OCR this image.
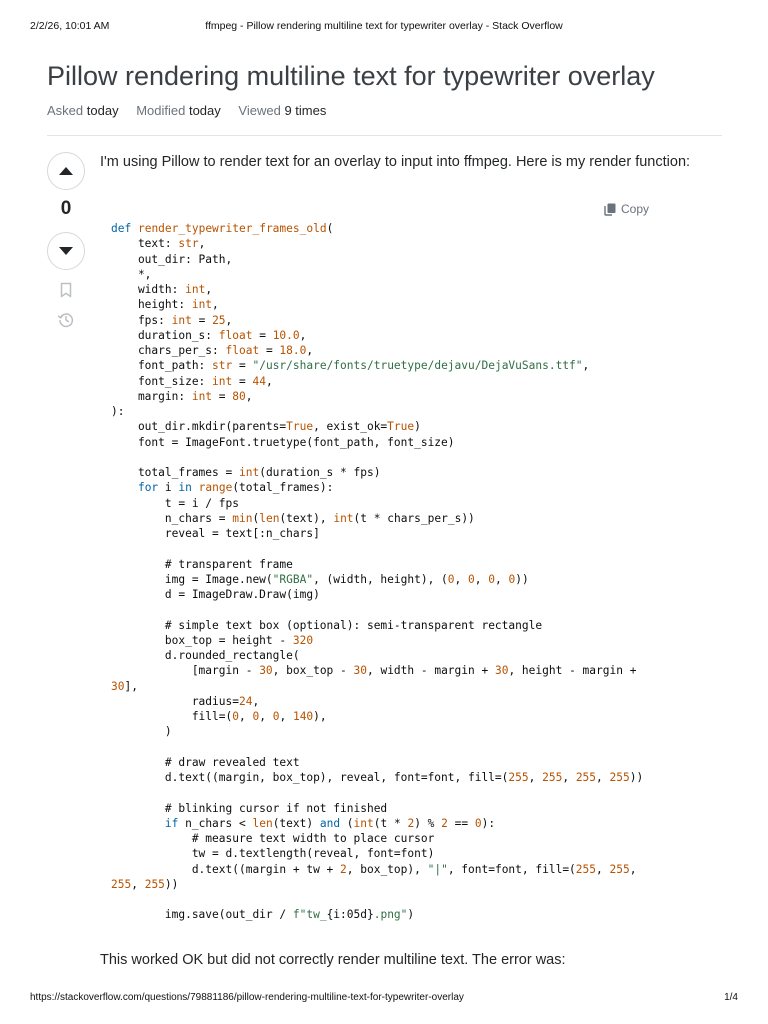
2/2/26, 10:01 AM	ffmpeg - Pillow rendering multiline text for typewriter overlay - Stack Overflow
Pillow rendering multiline text for typewriter overlay
Asked today Modified today Viewed 9 times
0

I'm using Pillow to render text for an overlay to input into ffmpeg. Here is my render function:

Copy
def render_typewriter_frames_old(
text: str,
out_dir: Path,
*,
width: int,
height: int,
fps: int = 25,
duration_s: float = 10.0,
chars_per_s: float = 18.0,
font_path: str = "/usr/share/fonts/truetype/dejavu/DejaVuSans.ttf",
font_size: int = 44,
margin: int = 80,
):
out_dir.mkdir(parents=True, exist_ok=True)
font = ImageFont.truetype(font_path, font_size)
total_frames = int(duration_s * fps)
for i in range(total_frames):
t = i / fps
n_chars = min(len(text), int(t * chars_per_s))
reveal = text[:n_chars]
# transparent frame
img = Image.new("RGBA", (width, height), (0, 0, 0, 0))
d = ImageDraw.Draw(img)
# simple text box (optional): semi-transparent rectangle
box_top = height - 320
d.rounded_rectangle(
[margin - 30, box_top - 30, width - margin + 30, height - margin +
30],
radius=24,
fill=(0, 0, 0, 140),
)
# draw revealed text
d.text((margin, box_top), reveal, font=font, fill=(255, 255, 255, 255))
# blinking cursor if not finished
if n_chars < len(text) and (int(t * 2) % 2 == 0):
# measure text width to place cursor
tw = d.textlength(reveal, font=font)
d.text((margin + tw + 2, box_top), "|", font=font, fill=(255, 255,
255, 255))
img.save(out_dir / f"tw_{i:05d}.png")

This worked OK but did not correctly render multiline text. The error was:

https://stackoverflow.com/questions/79881186/pillow-rendering-multiline-text-for-typewriter-overlay	1/4
